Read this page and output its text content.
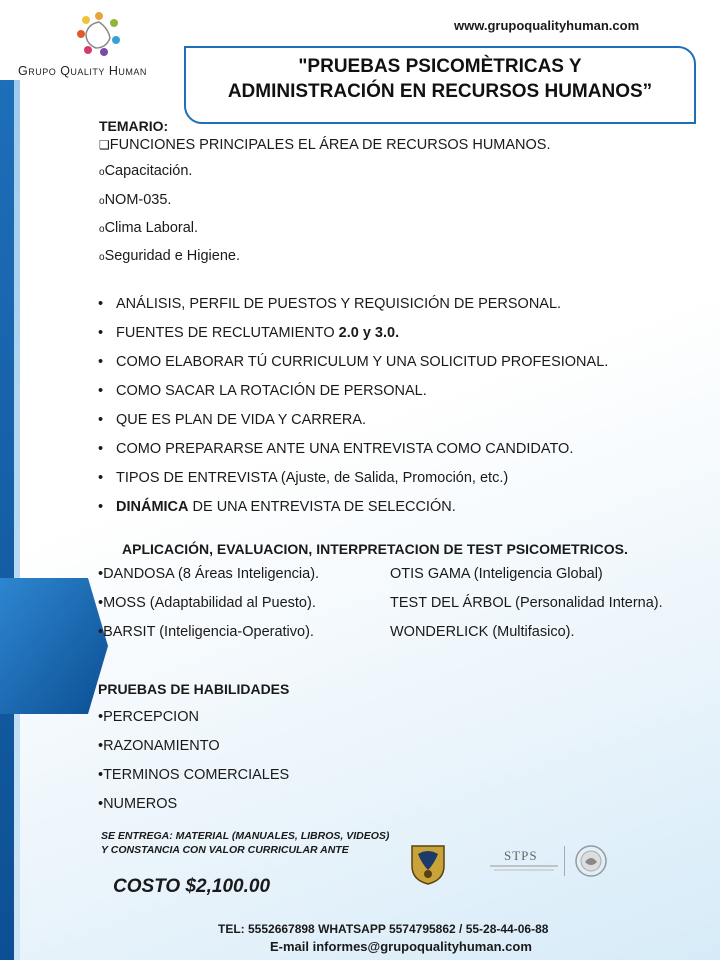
Grupo Quality Human
www.grupoqualityhuman.com
"PRUEBAS PSICOMÈTRICAS Y
ADMINISTRACIÓN EN RECURSOS HUMANOS”
TEMARIO:
❑FUNCIONES PRINCIPALES EL ÁREA DE RECURSOS HUMANOS.
oCapacitación.
oNOM-035.
oClima Laboral.
oSeguridad e Higiene.
• ANÁLISIS, PERFIL DE PUESTOS Y REQUISICIÓN DE PERSONAL.
• FUENTES DE RECLUTAMIENTO 2.0 y 3.0.
• COMO ELABORAR TÚ CURRICULUM Y UNA SOLICITUD PROFESIONAL.
• COMO SACAR LA ROTACIÓN DE PERSONAL.
• QUE ES PLAN DE VIDA Y CARRERA.
• COMO PREPARARSE ANTE UNA ENTREVISTA COMO CANDIDATO.
• TIPOS DE ENTREVISTA (Ajuste, de Salida, Promoción, etc.)
• DINÁMICA DE UNA ENTREVISTA DE SELECCIÓN.
APLICACIÓN, EVALUACION, INTERPRETACION DE TEST PSICOMETRICOS.
•DANDOSA (8 Áreas Inteligencia).
•MOSS (Adaptabilidad al Puesto).
•BARSIT (Inteligencia-Operativo).
OTIS GAMA (Inteligencia Global)
TEST DEL ÁRBOL (Personalidad Interna).
WONDERLICK (Multifasico).
PRUEBAS DE HABILIDADES
•PERCEPCION
•RAZONAMIENTO
•TERMINOS COMERCIALES
•NUMEROS
SE ENTREGA: MATERIAL (MANUALES, LIBROS, VIDEOS)
Y CONSTANCIA CON VALOR CURRICULAR ANTE	STPS
COSTO $2,100.00
TEL: 5552667898 WHATSAPP 5574795862 / 55-28-44-06-88
E-mail informes@grupoqualityhuman.com
